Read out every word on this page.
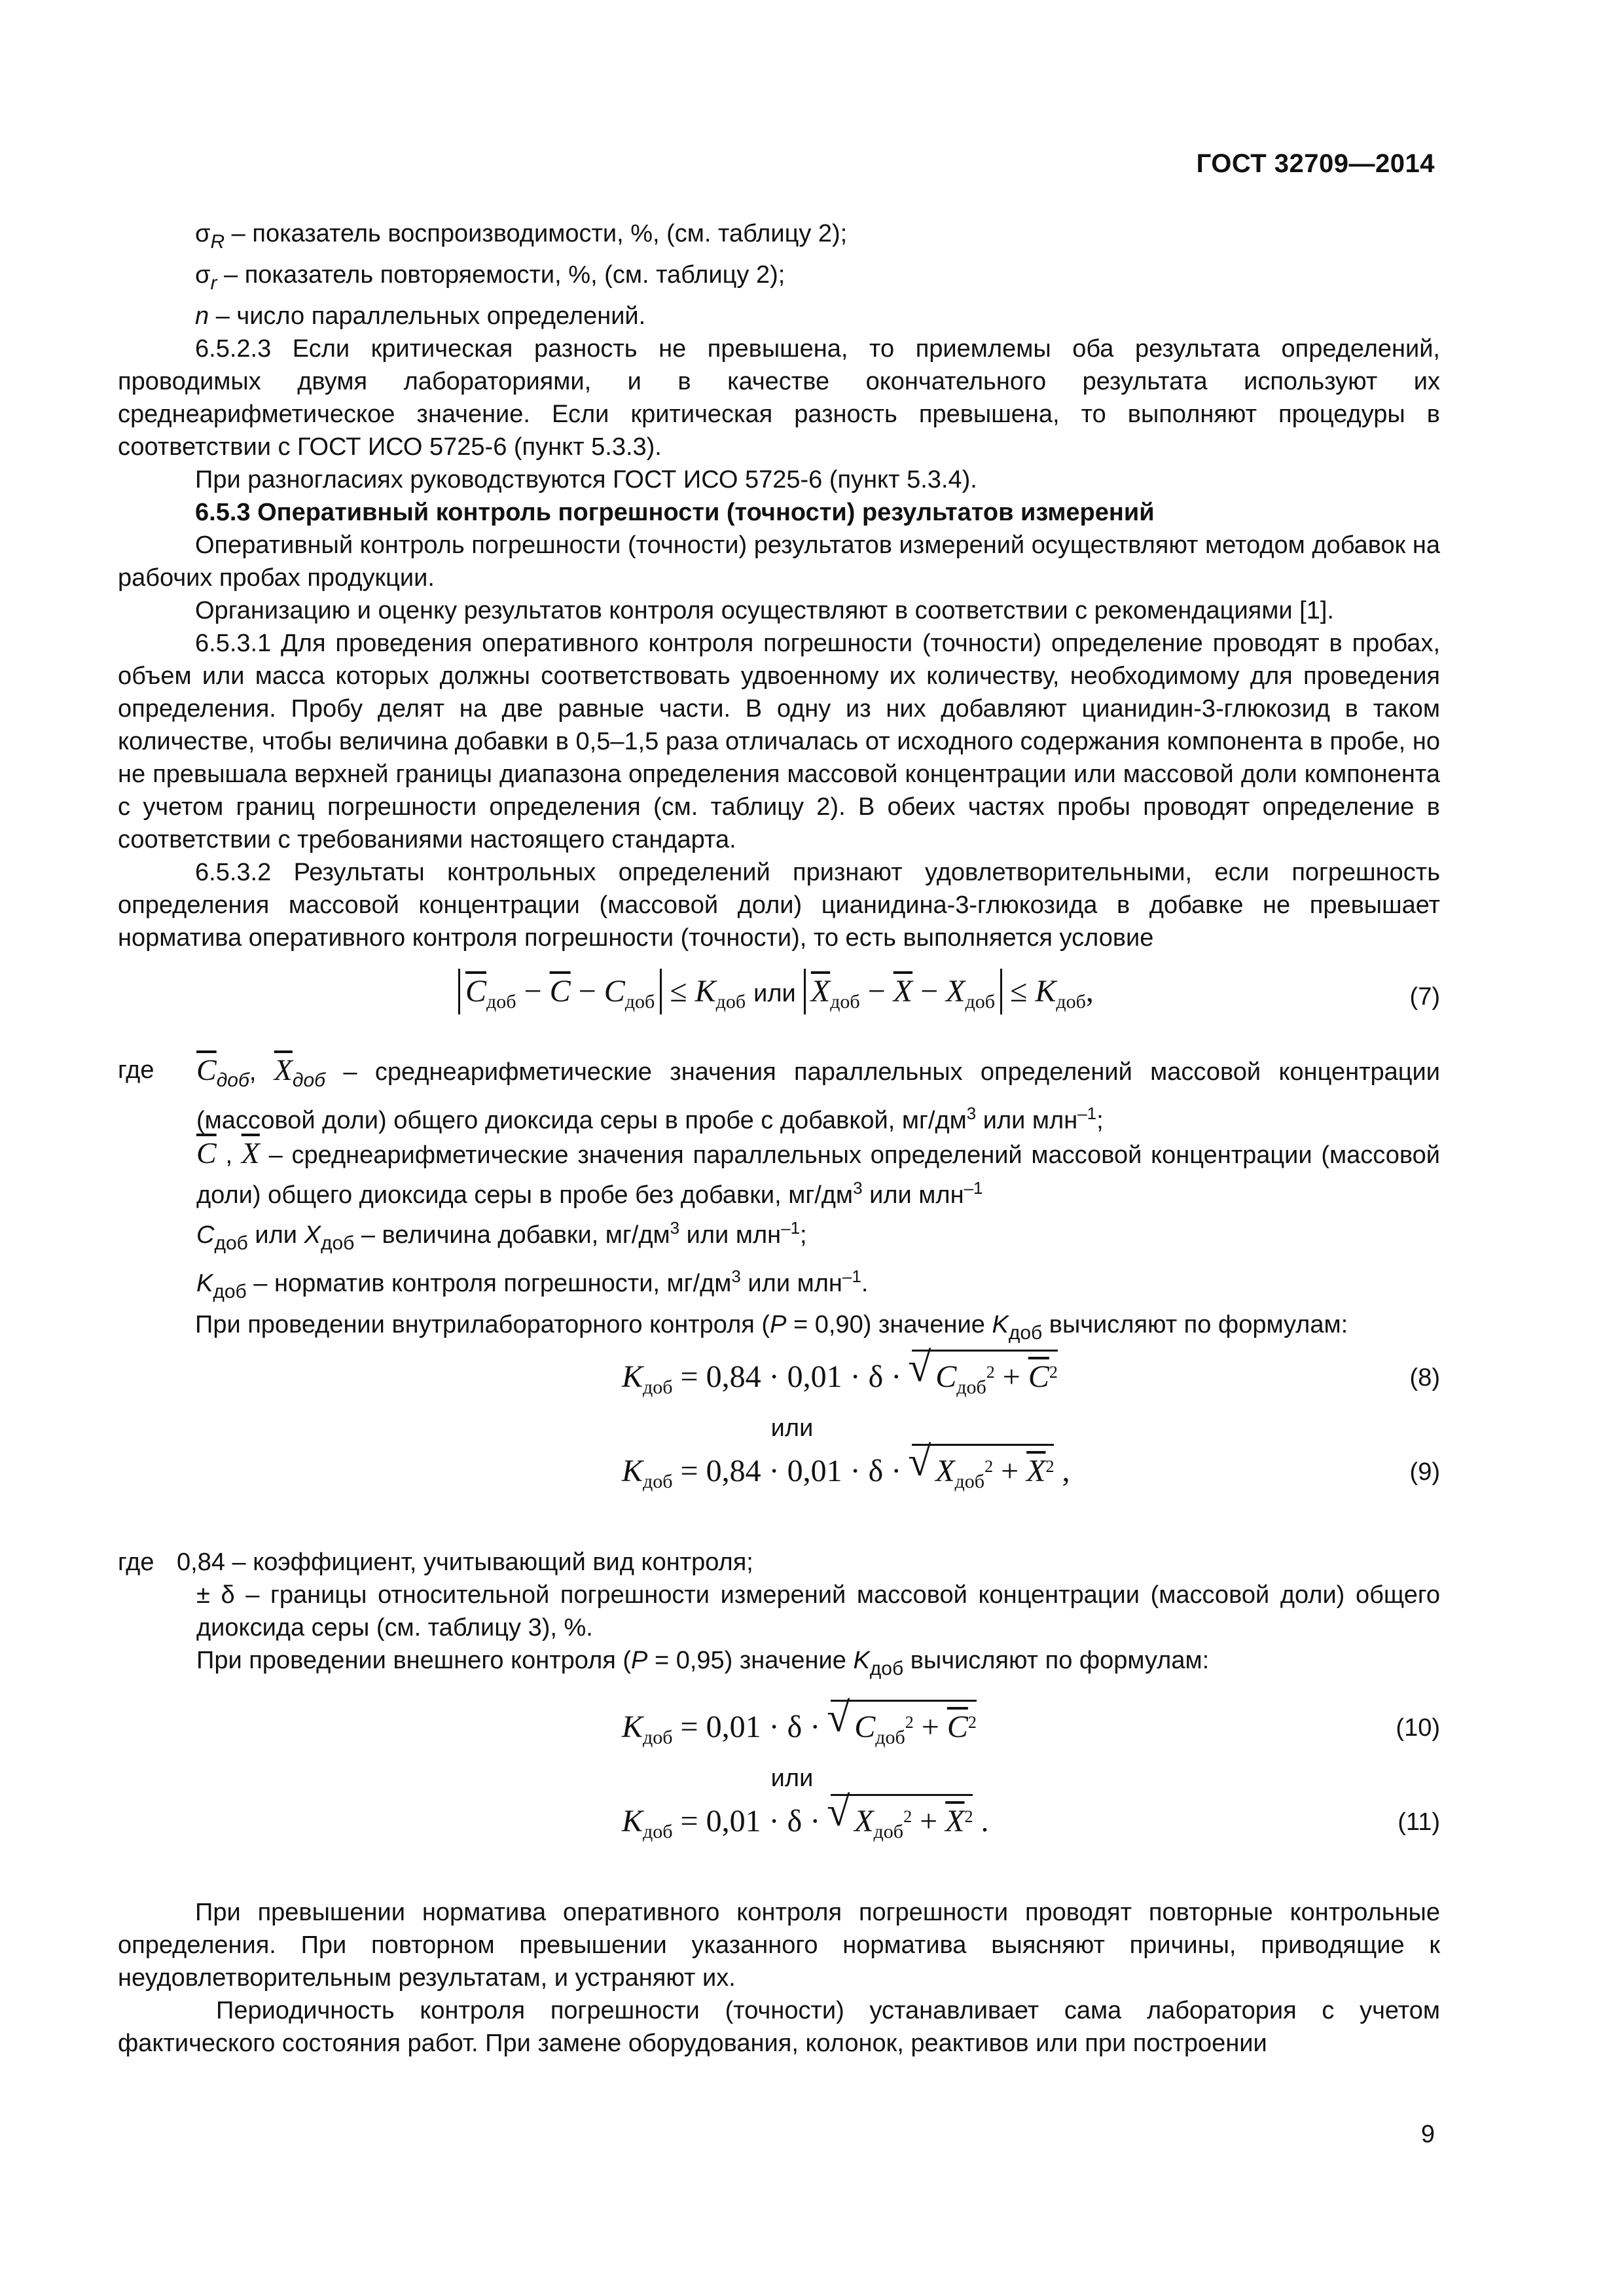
ГОСТ 32709—2014

$\sigma_R$ – показатель воспроизводимости, %, (см. таблицу 2);

$\sigma_r$ – показатель повторяемости, %, (см. таблицу 2);

n – число параллельных определений.

6.5.2.3 Если критическая разность не превышена, то приемлемы оба результата определений, проводимых двумя лабораториями, и в качестве окончательного результата используют их среднеарифметическое значение. Если критическая разность превышена, то выполняют процедуры в соответствии с ГОСТ ИСО 5725-6 (пункт 5.3.3).

При разногласиях руководствуются ГОСТ ИСО 5725-6 (пункт 5.3.4).

6.5.3 Оперативный контроль погрешности (точности) результатов измерений

Оперативный контроль погрешности (точности) результатов измерений осуществляют методом добавок на рабочих пробах продукции.

Организацию и оценку результатов контроля осуществляют в соответствии с рекомендациями [1].

6.5.3.1 Для проведения оперативного контроля погрешности (точности) определение проводят в пробах, объем или масса которых должны соответствовать удвоенному их количеству, необходимому для проведения определения. Пробу делят на две равные части. В одну из них добавляют цианидин-3-глюкозид в таком количестве, чтобы величина добавки в 0,5–1,5 раза отличалась от исходного содержания компонента в пробе, но не превышала верхней границы диапазона определения массовой концентрации или массовой доли компонента с учетом границ погрешности определения (см. таблицу 2). В обеих частях пробы проводят определение в соответствии с требованиями настоящего стандарта.

6.5.3.2 Результаты контрольных определений признают удовлетворительными, если погрешность определения массовой концентрации (массовой доли) цианидина-3-глюкозида в добавке не превышает норматива оперативного контроля погрешности (точности), то есть выполняется условие

$\overline{C}_{доб} - \overline{C} - C_{доб} \le K_{доб}$ или $\overline{X}_{доб} - \overline{X} - X_{доб} \le K_{доб}$,	(7)
где	$\overline{C}_{доб}$, $\overline{X}_{доб}$ – среднеарифметические значения параллельных определений массовой концентрации (массовой доли) общего диоксида серы в пробе с добавкой, $мг/дм^3$ или млн$^{-1}$;

$\overline{C}$ , $\overline{X}$ – среднеарифметические значения параллельных определений массовой концентрации (массовой доли) общего диоксида серы в пробе без добавки, $мг/дм^3$ или млн$^{-1}$

$C_{доб}$ или $X_{доб}$ – величина добавки, $мг/дм^3$ или млн$^{-1}$;

$K_{доб}$ – норматив контроля погрешности, $мг/дм^3$ или млн$^{-1}$.

При проведении внутрилабораторного контроля (P = 0,90) значение $K_{доб}$ вычисляют по формулам:

$K_{доб} = 0,84 \cdot 0,01 \cdot \delta$ · √ $C_{доб}^2 + \overline{C}^2$	(8)
или
$K_{доб} = 0,84 \cdot 0,01 \cdot \delta$ · √ $X_{доб}^2 + \overline{X}^2$ ,	(9)
где 0,84 – коэффициент, учитывающий вид контроля;

± δ – границы относительной погрешности измерений массовой концентрации (массовой доли) общего диоксида серы (см. таблицу 3), %.

При проведении внешнего контроля (P = 0,95) значение $K_{доб}$ вычисляют по формулам:

$K_{доб} = 0,01 \cdot \delta$ · √ $C_{доб}^2 + \overline{C}^2$	(10)
или
$K_{доб} = 0,01 \cdot \delta$ · √ $X_{доб}^2 + \overline{X}^2$ .	(11)

При превышении норматива оперативного контроля погрешности проводят повторные контрольные определения. При повторном превышении указанного норматива выясняют причины, приводящие к неудовлетворительным результатам, и устраняют их.

Периодичность контроля погрешности (точности) устанавливает сама лаборатория с учетом фактического состояния работ. При замене оборудования, колонок, реактивов или при построении

9
